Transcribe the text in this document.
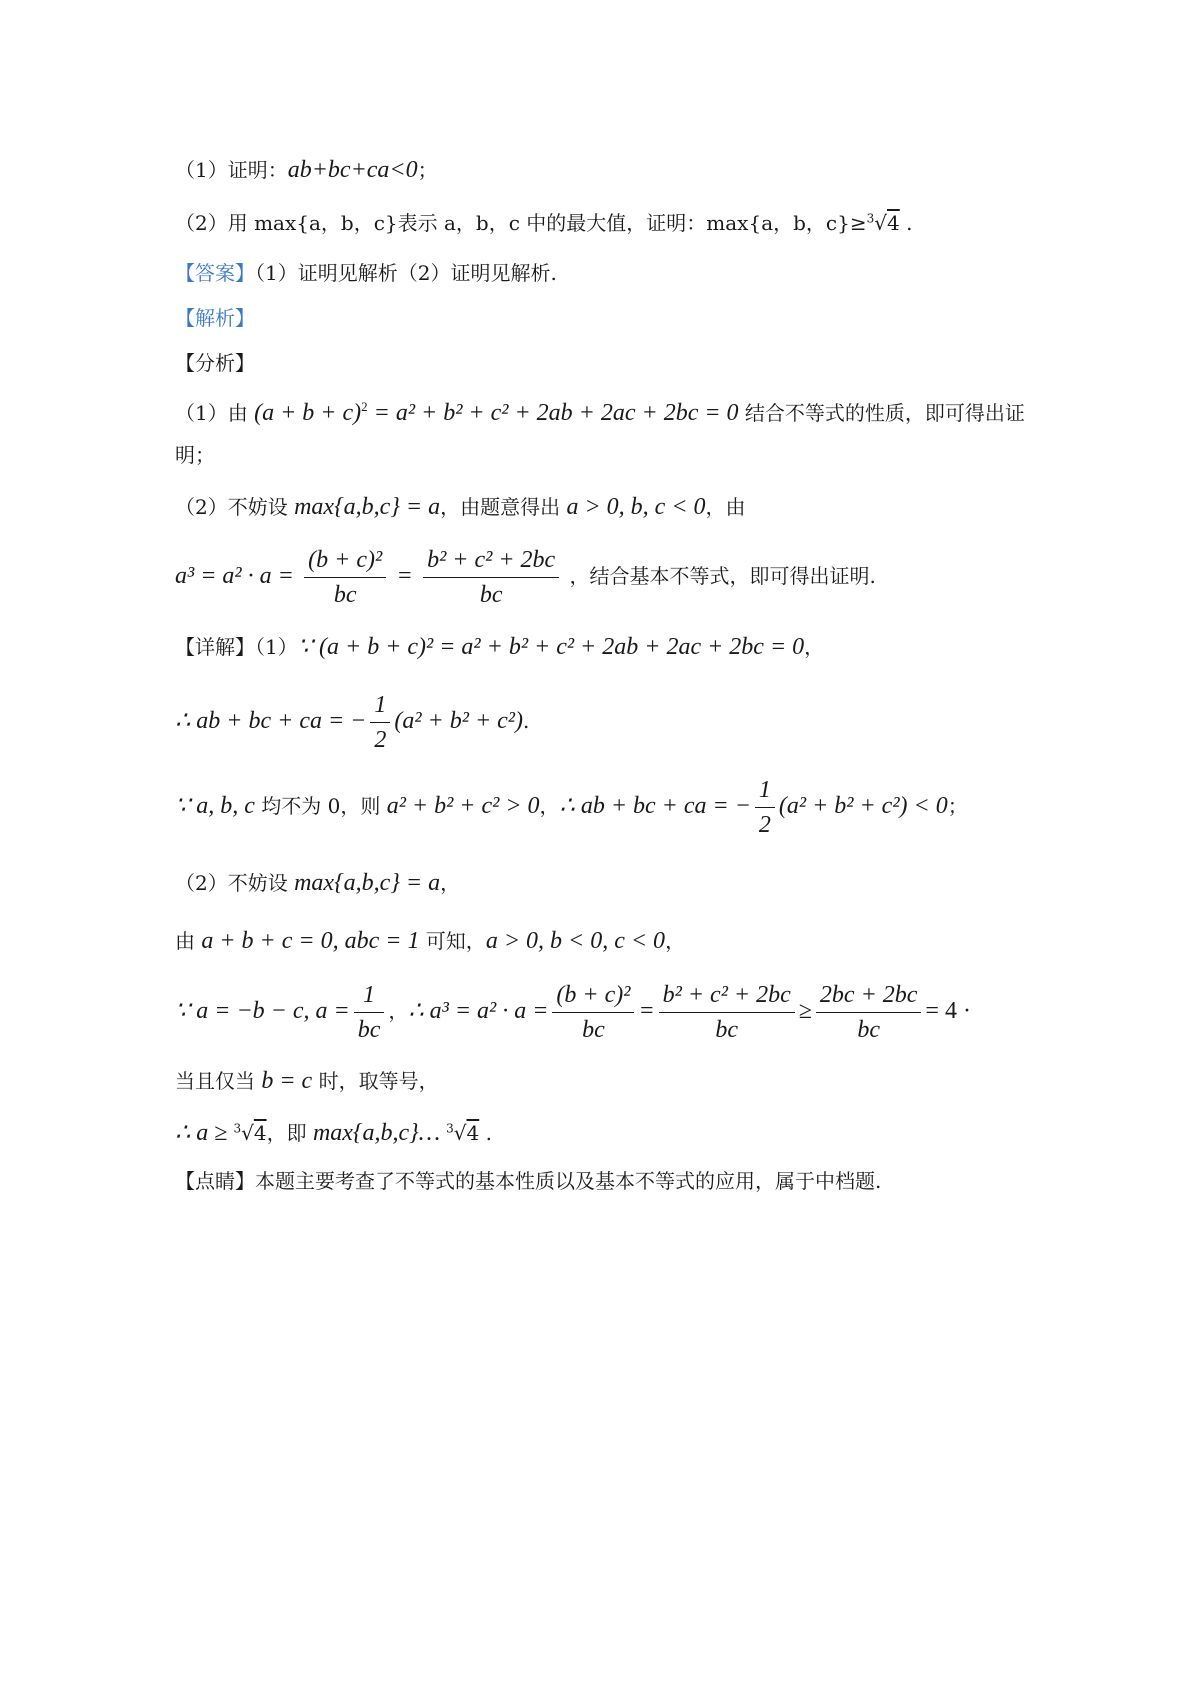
（1）证明：ab+bc+ca<0；
（2）用 max{a，b，c}表示 a，b，c 中的最大值，证明：max{a，b，c}≥$^3$√4 .
【答案】（1）证明见解析（2）证明见解析.
【解析】
【分析】
（1）由 $(a + b + c)^2 = a^2 + b^2 + c^2 + 2ab + 2ac + 2bc = 0$ 结合不等式的性质，即可得出证
明；
（2）不妨设 max{a,b,c} = a，由题意得出 a > 0, b, c < 0，由
$a^3 = a^2 \cdot a = \frac{\text{(b + c)²}}{bc} = \frac{\text{b² + c² + 2bc}}{bc}$ ，结合基本不等式，即可得出证明.
【详解】（1）∵ (a + b + c)² = a² + b² + c² + 2ab + 2ac + 2bc = 0，
∴ ab + bc + ca = − $\frac{1}{2} (a^2 + b^2 + c^2)$.
∵ a, b, c 均不为 0，则 a² + b² + c² > 0，∴ ab + bc + ca = − $\frac{1}{2} (a^2 + b^2 + c^2) < 0$；
（2）不妨设 max{a,b,c} = a，
由 a + b + c = 0, abc = 1 可知，a > 0, b < 0, c < 0，
∵ a = −b − c, $a = \frac{1}{bc}$ ，∴ $a^3 = a^2 \cdot a = \frac{\text{(b + c)²}}{bc} = \frac{\text{b² + c² + 2bc}}{bc} \ge \frac{2bc + 2bc}{bc} = 4$ ·
当且仅当 b = c 时，取等号，
∴ a ≥ $^3$√4，即 max{a,b,c}… $^3$√4 .
【点睛】本题主要考查了不等式的基本性质以及基本不等式的应用，属于中档题.
